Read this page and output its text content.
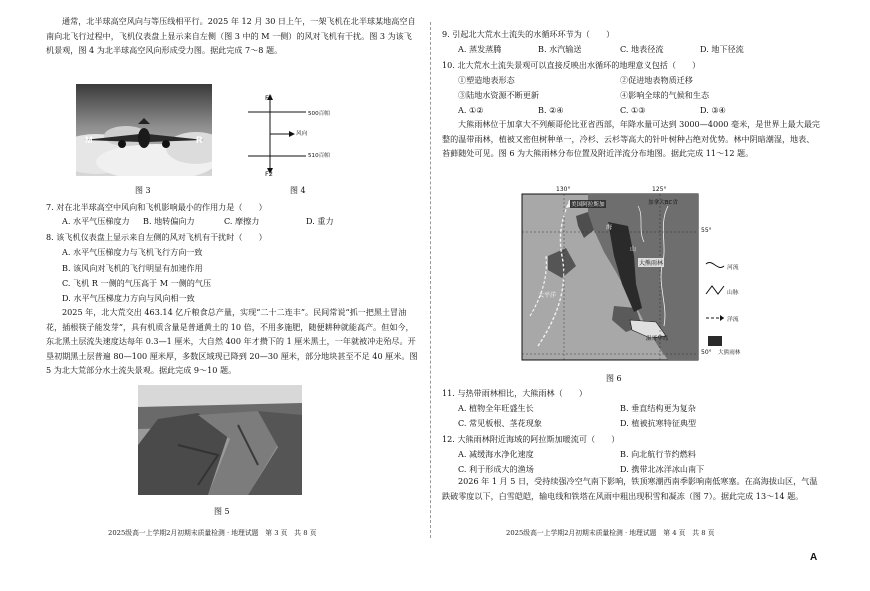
通常，北半球高空风向与等压线相平行。2025 年 12 月 30 日上午，一架飞机在北半球某地高空自南向北飞行过程中，飞机仪表盘上显示来自左侧（图 3 中的 M 一侧）的风对飞机有干扰。图 3 为该飞机景观，图 4 为北半球高空风向形成受力图。据此完成 7～8 题。
M	R
图 3
F1
F2
500百帕
风向
510百帕
图 4
7. 对在北半球高空中风向和飞机影响最小的作用力是（　　）
A. 水平气压梯度力 B. 地转偏向力	C. 摩擦力	D. 重力
8. 该飞机仪表盘上显示来自左侧的风对飞机有干扰时（　　）
A. 水平气压梯度力与飞机飞行方向一致
B. 该风向对飞机的飞行明显有加速作用
C. 飞机 R 一侧的气压高于 M 一侧的气压
D. 水平气压梯度力方向与风向相一致
2025 年，北大荒交出 463.14 亿斤粮食总产量，实现“二十二连丰”。民间常说“抓一把黑土冒油花，插根筷子能发芽”，具有机质含量是普通黄土的 10 倍，不用多施肥，随便耕种就能高产。但如今，东北黑土层流失速度达每年 0.3—1 厘米，大自然 400 年才攒下的 1 厘米黑土，一年就被冲走殆尽。开垦初期黑土层普遍 80—100 厘米厚，多数区域现已降到 20—30 厘米，部分地块甚至不足 40 厘米。图 5 为北大荒部分水土流失景观。据此完成 9～10 题。
图 5
2025级高一上学期2月初期末质量检测 · 地理试题　第 3 页　共 8 页
9. 引起北大荒水土流失的水循环环节为（　　）
A. 蒸发蒸腾	B. 水汽输送	C. 地表径流	D. 地下径流
10. 北大荒水土流失景观可以直接反映出水循环的地理意义包括（　　）
①塑造地表形态	②促进地表物质迁移
③陆地水资源不断更新	④影响全球的气候和生态
A. ①②	B. ②④	C. ①③	D. ③④
大熊雨林位于加拿大不列颠哥伦比亚省西部，年降水量可达到 3000—4000 毫米，是世界上最大最完整的温带雨林，植被又密但树种单一，冷杉、云杉等高大的针叶树种占绝对优势。林中阴暗潮湿，地表、苔藓随处可见。图 6 为大熊雨林分布位置及附近洋流分布地图。据此完成 11～12 题。
130°	125°
55°
50°
美国阿拉斯加	加拿大BC省
海
山
大熊雨林
温哥华岛
太平洋
河流
山脉
洋流
大熊雨林
图 6
11. 与热带雨林相比，大熊雨林（　　）
A. 植物全年旺盛生长	B. 垂直结构更为复杂
C. 常见板根、茎花现象	D. 植被抗寒特征典型
12. 大熊雨林附近海域的阿拉斯加暖流可（　　）
A. 减缓海水净化速度	B. 向北航行节约燃料
C. 利于形成大的渔场	D. 携带北冰洋冰山南下
2026 年 1 月 5 日，受持续强冷空气南下影响，铁顶寒潮西南季影响南低寒塞。在高海拔山区，气温跌破零度以下，白雪皑皑，输电线和铁塔在风雨中粗出现积雪和凝冻（图 7）。据此完成 13～14 题。
2025级高一上学期2月初期末质量检测 · 地理试题　第 4 页　共 8 页
A
